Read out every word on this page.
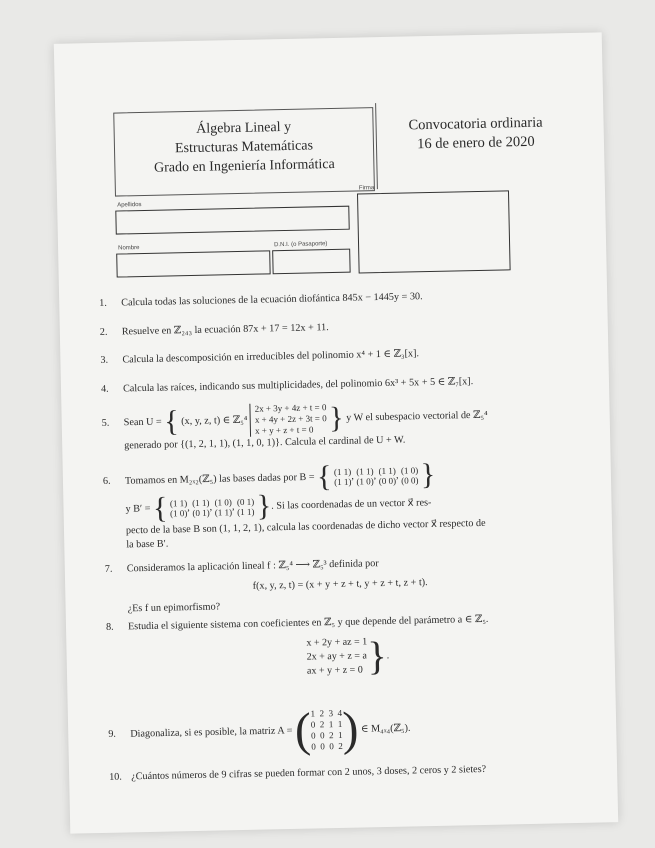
Álgebra Lineal y
Estructuras Matemáticas
Grado en Ingeniería Informática
Convocatoria ordinaria
16 de enero de 2020
Apellidos
Firma
Nombre
D.N.I. (o Pasaporte)
1. Calcula todas las soluciones de la ecuación diofántica 845x − 1445y = 30.
2. Resuelve en ℤ₂₄₃ la ecuación 87x + 17 = 12x + 11.
3. Calcula la descomposición en irreducibles del polinomio x⁴ + 1 ∈ ℤ₃[x].
4. Calcula las raíces, indicando sus multiplicidades, del polinomio 6x³ + 5x + 5 ∈ ℤ₇[x].
5. Sean U = { (x, y, z, t) ∈ ℤ₅⁴
2x + 3y + 4z + t = 0
x + 4y + 2z + 3t = 0
x + y + z + t = 0 } y W el subespacio vectorial de ℤ₅⁴
generado por {(1, 2, 1, 1), (1, 1, 0, 1)}. Calcula el cardinal de U + W.
6. Tomamos en M₂ₓ₂(ℤ₅) las bases dadas por B = { (1 1)
(1 1), (1 1)
(1 0), (1 1)
(0 0), (1 0)
(0 0) }
y B′ = { (1 1)
(1 0), (1 1)
(0 1), (1 0)
(1 1), (0 1)
(1 1) }. Si las coordenadas de un vector x⃗ res-
pecto de la base B son (1, 1, 2, 1), calcula las coordenadas de dicho vector x⃗ respecto de
la base B′.
7. Consideramos la aplicación lineal f : ℤ₅⁴ ⟶ ℤ₅³ definida por
f(x, y, z, t) = (x + y + z + t, y + z + t, z + t).
¿Es f un epimorfismo?
8. Estudia el siguiente sistema con coeficientes en ℤ₅ y que depende del parámetro a ∈ ℤ₅.
x + 2y + az = 1
2x + ay + z = a
ax + y + z = 0 }.
9. Diagonaliza, si es posible, la matriz A = (
1 2 3 4
0 2 1 1
0 0 2 1
0 0 0 2
) ∈ M₄ₓ₄(ℤ₅).
10. ¿Cuántos números de 9 cifras se pueden formar con 2 unos, 3 doses, 2 ceros y 2 sietes?
